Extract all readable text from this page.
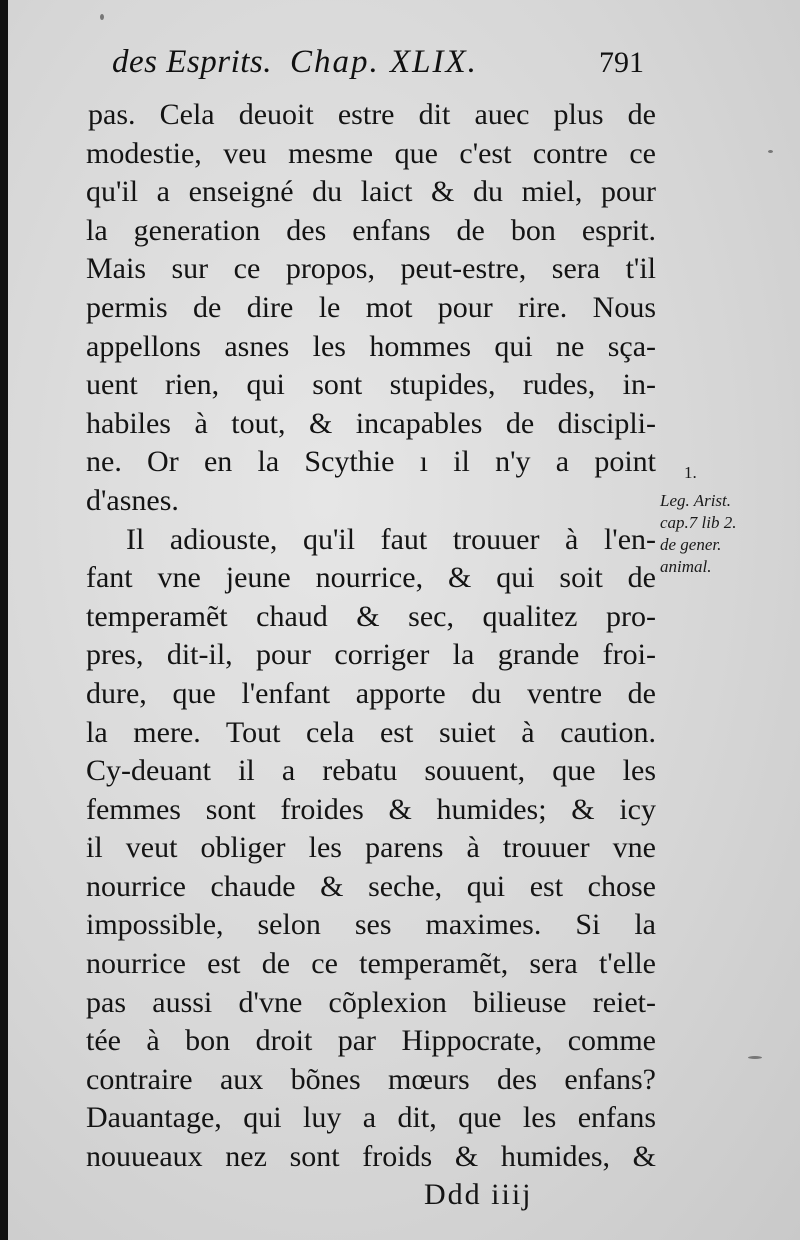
des Esprits. Chap. XLIX.	791
pas. Cela deuoit estre dit auec plus de
modestie, veu mesme que c'est contre ce
qu'il a enseigné du laict & du miel, pour
la generation des enfans de bon esprit.
Mais sur ce propos, peut-estre, sera t'il
permis de dire le mot pour rire. Nous
appellons asnes les hommes qui ne sça-
uent rien, qui sont stupides, rudes, in-
habiles à tout, & incapables de discipli-
ne. Or en la Scythie ı il n'y a point
d'asnes.
Il adiouste, qu'il faut trouuer à l'en-
fant vne jeune nourrice, & qui soit de
temperamẽt chaud & sec, qualitez pro-
pres, dit-il, pour corriger la grande froi-
dure, que l'enfant apporte du ventre de
la mere. Tout cela est suiet à caution.
Cy-deuant il a rebatu souuent, que les
femmes sont froides & humides; & icy
il veut obliger les parens à trouuer vne
nourrice chaude & seche, qui est chose
impossible, selon ses maximes. Si la
nourrice est de ce temperamẽt, sera t'elle
pas aussi d'vne cõplexion bilieuse reiet-
tée à bon droit par Hippocrate, comme
contraire aux bõnes mœurs des enfans?
Dauantage, qui luy a dit, que les enfans
nouueaux nez sont froids & humides, &
1.
Leg. Arist.
cap.7 lib 2.
de gener.
animal.
Ddd iiij
